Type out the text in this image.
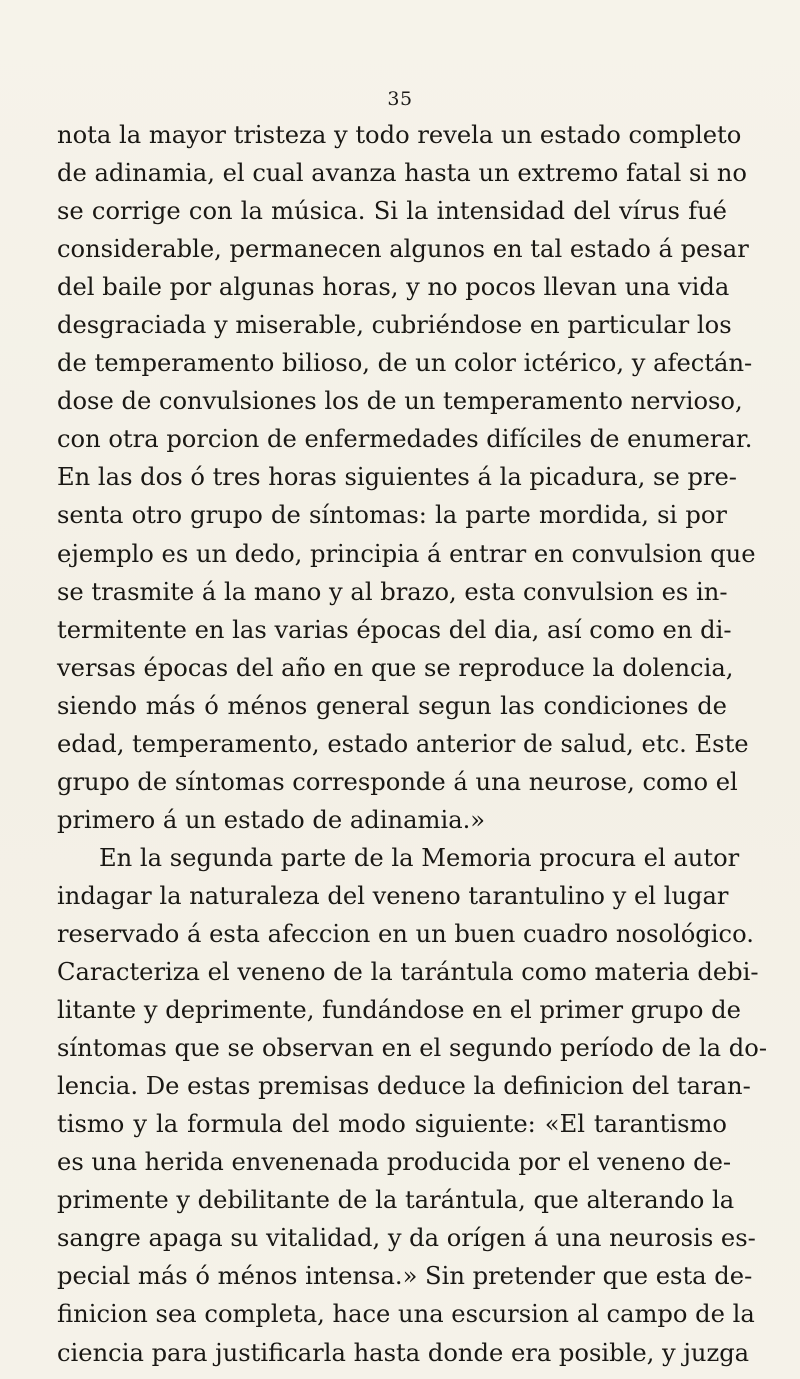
35
nota la mayor tristeza y todo revela un estado completo
de adinamia, el cual avanza hasta un extremo fatal si no
se corrige con la música. Si la intensidad del vírus fué
considerable, permanecen algunos en tal estado á pesar
del baile por algunas horas, y no pocos llevan una vida
desgraciada y miserable, cubriéndose en particular los
de temperamento bilioso, de un color ictérico, y afectán-
dose de convulsiones los de un temperamento nervioso,
con otra porcion de enfermedades difíciles de enumerar.
En las dos ó tres horas siguientes á la picadura, se pre-
senta otro grupo de síntomas: la parte mordida, si por
ejemplo es un dedo, principia á entrar en convulsion que
se trasmite á la mano y al brazo, esta convulsion es in-
termitente en las varias épocas del dia, así como en di-
versas épocas del año en que se reproduce la dolencia,
siendo más ó ménos general segun las condiciones de
edad, temperamento, estado anterior de salud, etc. Este
grupo de síntomas corresponde á una neurose, como el
primero á un estado de adinamia.»
En la segunda parte de la Memoria procura el autor
indagar la naturaleza del veneno tarantulino y el lugar
reservado á esta afeccion en un buen cuadro nosológico.
Caracteriza el veneno de la tarántula como materia debi-
litante y deprimente, fundándose en el primer grupo de
síntomas que se observan en el segundo período de la do-
lencia. De estas premisas deduce la definicion del taran-
tismo y la formula del modo siguiente: «El tarantismo
es una herida envenenada producida por el veneno de-
primente y debilitante de la tarántula, que alterando la
sangre apaga su vitalidad, y da orígen á una neurosis es-
pecial más ó ménos intensa.» Sin pretender que esta de-
finicion sea completa, hace una escursion al campo de la
ciencia para justificarla hasta donde era posible, y juzga
